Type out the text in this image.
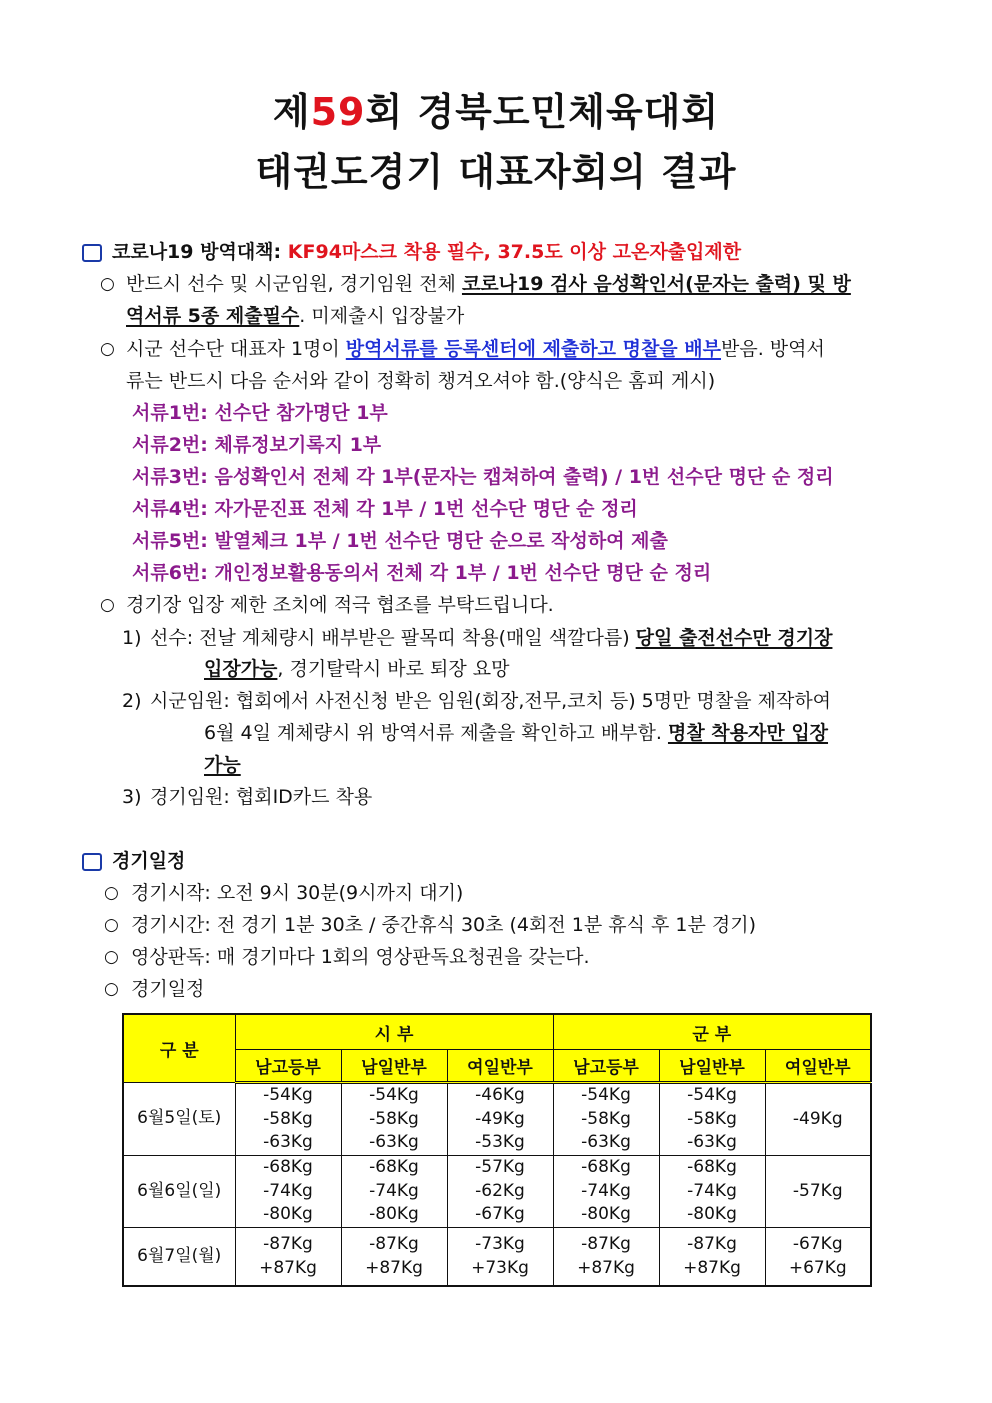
제59회 경북도민체육대회
태권도경기 대표자회의 결과
코로나19 방역대책: KF94마스크 착용 필수, 37.5도 이상 고온자출입제한
○ 반드시 선수 및 시군임원, 경기임원 전체 코로나19 검사 음성확인서(문자는 출력) 및 방
역서류 5종 제출필수. 미제출시 입장불가
○ 시군 선수단 대표자 1명이 방역서류를 등록센터에 제출하고 명찰을 배부받음. 방역서
류는 반드시 다음 순서와 같이 정확히 챙겨오셔야 함.(양식은 홈피 게시)
서류1번: 선수단 참가명단 1부
서류2번: 체류정보기록지 1부
서류3번: 음성확인서 전체 각 1부(문자는 캡쳐하여 출력) / 1번 선수단 명단 순 정리
서류4번: 자가문진표 전체 각 1부 / 1번 선수단 명단 순 정리
서류5번: 발열체크 1부 / 1번 선수단 명단 순으로 작성하여 제출
서류6번: 개인정보활용동의서 전체 각 1부 / 1번 선수단 명단 순 정리
○ 경기장 입장 제한 조치에 적극 협조를 부탁드립니다.
1) 선수: 전날 계체량시 배부받은 팔목띠 착용(매일 색깔다름) 당일 출전선수만 경기장
입장가능, 경기탈락시 바로 퇴장 요망
2) 시군임원: 협회에서 사전신청 받은 임원(회장,전무,코치 등) 5명만 명찰을 제작하여
6월 4일 계체량시 위 방역서류 제출을 확인하고 배부함. 명찰 착용자만 입장
가능
3) 경기임원: 협회ID카드 착용
경기일정
○ 경기시작: 오전 9시 30분(9시까지 대기)
○ 경기시간: 전 경기 1분 30초 / 중간휴식 30초 (4회전 1분 휴식 후 1분 경기)
○ 영상판독: 매 경기마다 1회의 영상판독요청권을 갖는다.
○ 경기일정
구 분	시 부			군 부		
	남고등부	남일반부	여일반부	남고등부	남일반부	여일반부
6월5일(토)	-54Kg
-58Kg
-63Kg	-54Kg
-58Kg
-63Kg	-46Kg
-49Kg
-53Kg	-54Kg
-58Kg
-63Kg	-54Kg
-58Kg
-63Kg	-49Kg

6월6일(일)	-68Kg
-74Kg
-80Kg	-68Kg
-74Kg
-80Kg	-57Kg
-62Kg
-67Kg	-68Kg
-74Kg
-80Kg	-68Kg
-74Kg
-80Kg	-57Kg

6월7일(월)	-87Kg
+87Kg	-87Kg
+87Kg	-73Kg
+73Kg	-87Kg
+87Kg	-87Kg
+87Kg	-67Kg
+67Kg
